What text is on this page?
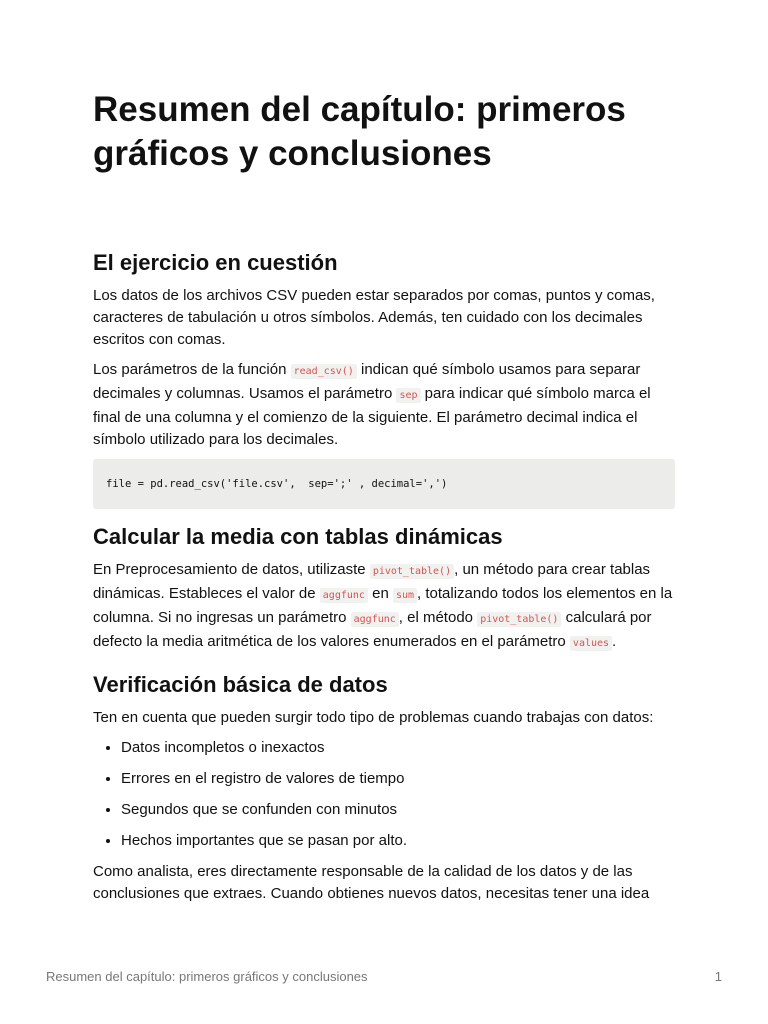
Resumen del capítulo: primeros
gráficos y conclusiones
El ejercicio en cuestión

Los datos de los archivos CSV pueden estar separados por comas, puntos y comas, caracteres de tabulación u otros símbolos. Además, ten cuidado con los decimales escritos con comas.

Los parámetros de la función read_csv() indican qué símbolo usamos para separar decimales y columnas. Usamos el parámetro sep para indicar qué símbolo marca el final de una columna y el comienzo de la siguiente. El parámetro decimal indica el símbolo utilizado para los decimales.

file = pd.read_csv('file.csv',  sep=';' , decimal=',')
Calcular la media con tablas dinámicas

En Preprocesamiento de datos, utilizaste pivot_table() , un método para crear tablas dinámicas. Estableces el valor de aggfunc en sum , totalizando todos los elementos en la columna. Si no ingresas un parámetro aggfunc , el método pivot_table() calculará por defecto la media aritmética de los valores enumerados en el parámetro values .

Verificación básica de datos

Ten en cuenta que pueden surgir todo tipo de problemas cuando trabajas con datos:

• Datos incompletos o inexactos
• Errores en el registro de valores de tiempo
• Segundos que se confunden con minutos
• Hechos importantes que se pasan por alto.

Como analista, eres directamente responsable de la calidad de los datos y de las conclusiones que extraes. Cuando obtienes nuevos datos, necesitas tener una idea

Resumen del capítulo: primeros gráficos y conclusiones	1
